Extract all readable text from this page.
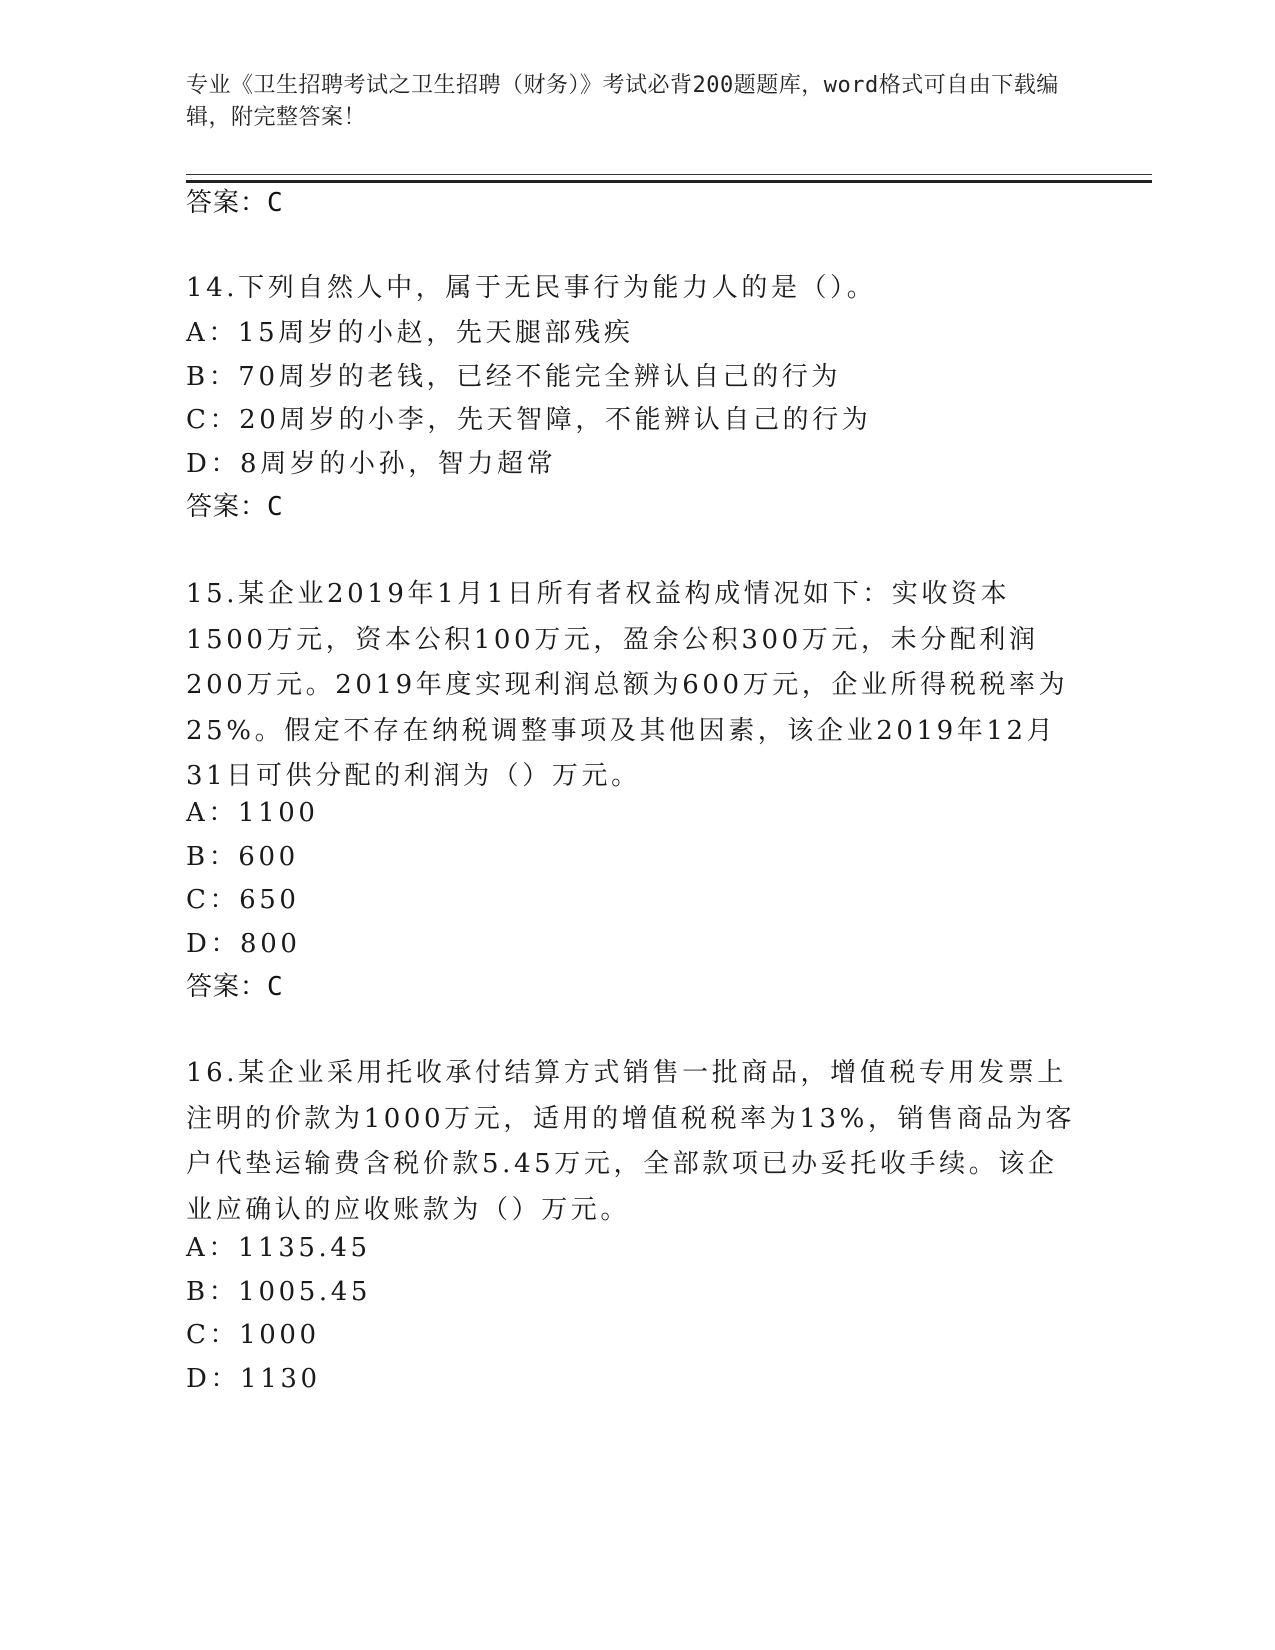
专业《卫生招聘考试之卫生招聘（财务）》考试必背200题题库，word格式可自由下载编辑，附完整答案！
答案：C
14.下列自然人中，属于无民事行为能力人的是（）。
A：15周岁的小赵，先天腿部残疾
B：70周岁的老钱，已经不能完全辨认自己的行为
C：20周岁的小李，先天智障，不能辨认自己的行为
D：8周岁的小孙，智力超常
答案：C
15.某企业2019年1月1日所有者权益构成情况如下：实收资本1500万元，资本公积100万元，盈余公积300万元，未分配利润200万元。2019年度实现利润总额为600万元，企业所得税税率为25%。假定不存在纳税调整事项及其他因素，该企业2019年12月31日可供分配的利润为（）万元。
A：1100
B：600
C：650
D：800
答案：C
16.某企业采用托收承付结算方式销售一批商品，增值税专用发票上注明的价款为1000万元，适用的增值税税率为13%，销售商品为客户代垫运输费含税价款5.45万元，全部款项已办妥托收手续。该企业应确认的应收账款为（）万元。
A：1135.45
B：1005.45
C：1000
D：1130
